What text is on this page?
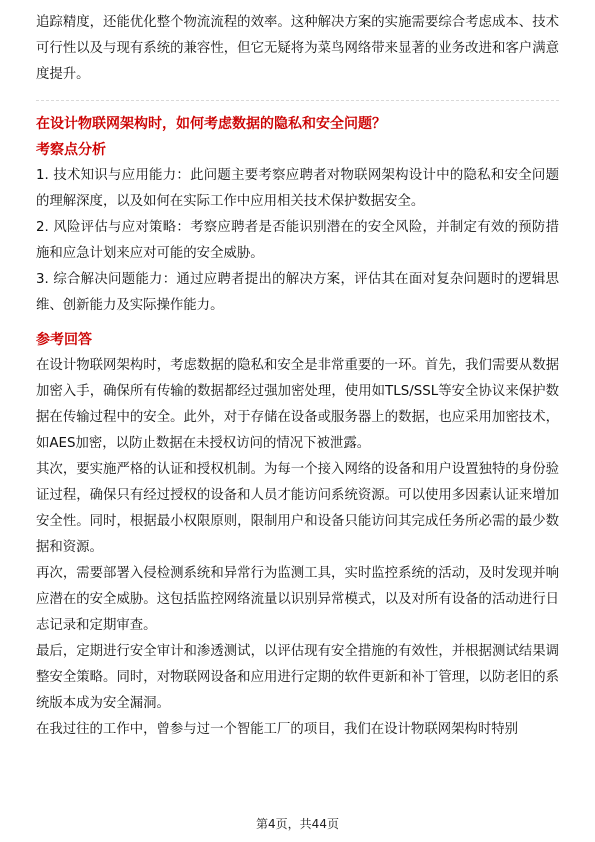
追踪精度，还能优化整个物流流程的效率。这种解决方案的实施需要综合考虑成本、技术可行性以及与现有系统的兼容性，但它无疑将为菜鸟网络带来显著的业务改进和客户满意度提升。

在设计物联网架构时，如何考虑数据的隐私和安全问题？
考察点分析

1. 技术知识与应用能力：此问题主要考察应聘者对物联网架构设计中的隐私和安全问题的理解深度，以及如何在实际工作中应用相关技术保护数据安全。

2. 风险评估与应对策略：考察应聘者是否能识别潜在的安全风险，并制定有效的预防措施和应急计划来应对可能的安全威胁。

3. 综合解决问题能力：通过应聘者提出的解决方案，评估其在面对复杂问题时的逻辑思维、创新能力及实际操作能力。

参考回答

在设计物联网架构时，考虑数据的隐私和安全是非常重要的一环。首先，我们需要从数据加密入手，确保所有传输的数据都经过强加密处理，使用如TLS/SSL等安全协议来保护数据在传输过程中的安全。此外，对于存储在设备或服务器上的数据，也应采用加密技术，如AES加密，以防止数据在未授权访问的情况下被泄露。

其次，要实施严格的认证和授权机制。为每一个接入网络的设备和用户设置独特的身份验证过程，确保只有经过授权的设备和人员才能访问系统资源。可以使用多因素认证来增加安全性。同时，根据最小权限原则，限制用户和设备只能访问其完成任务所必需的最少数据和资源。

再次，需要部署入侵检测系统和异常行为监测工具，实时监控系统的活动，及时发现并响应潜在的安全威胁。这包括监控网络流量以识别异常模式，以及对所有设备的活动进行日志记录和定期审查。

最后，定期进行安全审计和渗透测试，以评估现有安全措施的有效性，并根据测试结果调整安全策略。同时，对物联网设备和应用进行定期的软件更新和补丁管理，以防老旧的系统版本成为安全漏洞。

在我过往的工作中，曾参与过一个智能工厂的项目，我们在设计物联网架构时特别

第4页，共44页
